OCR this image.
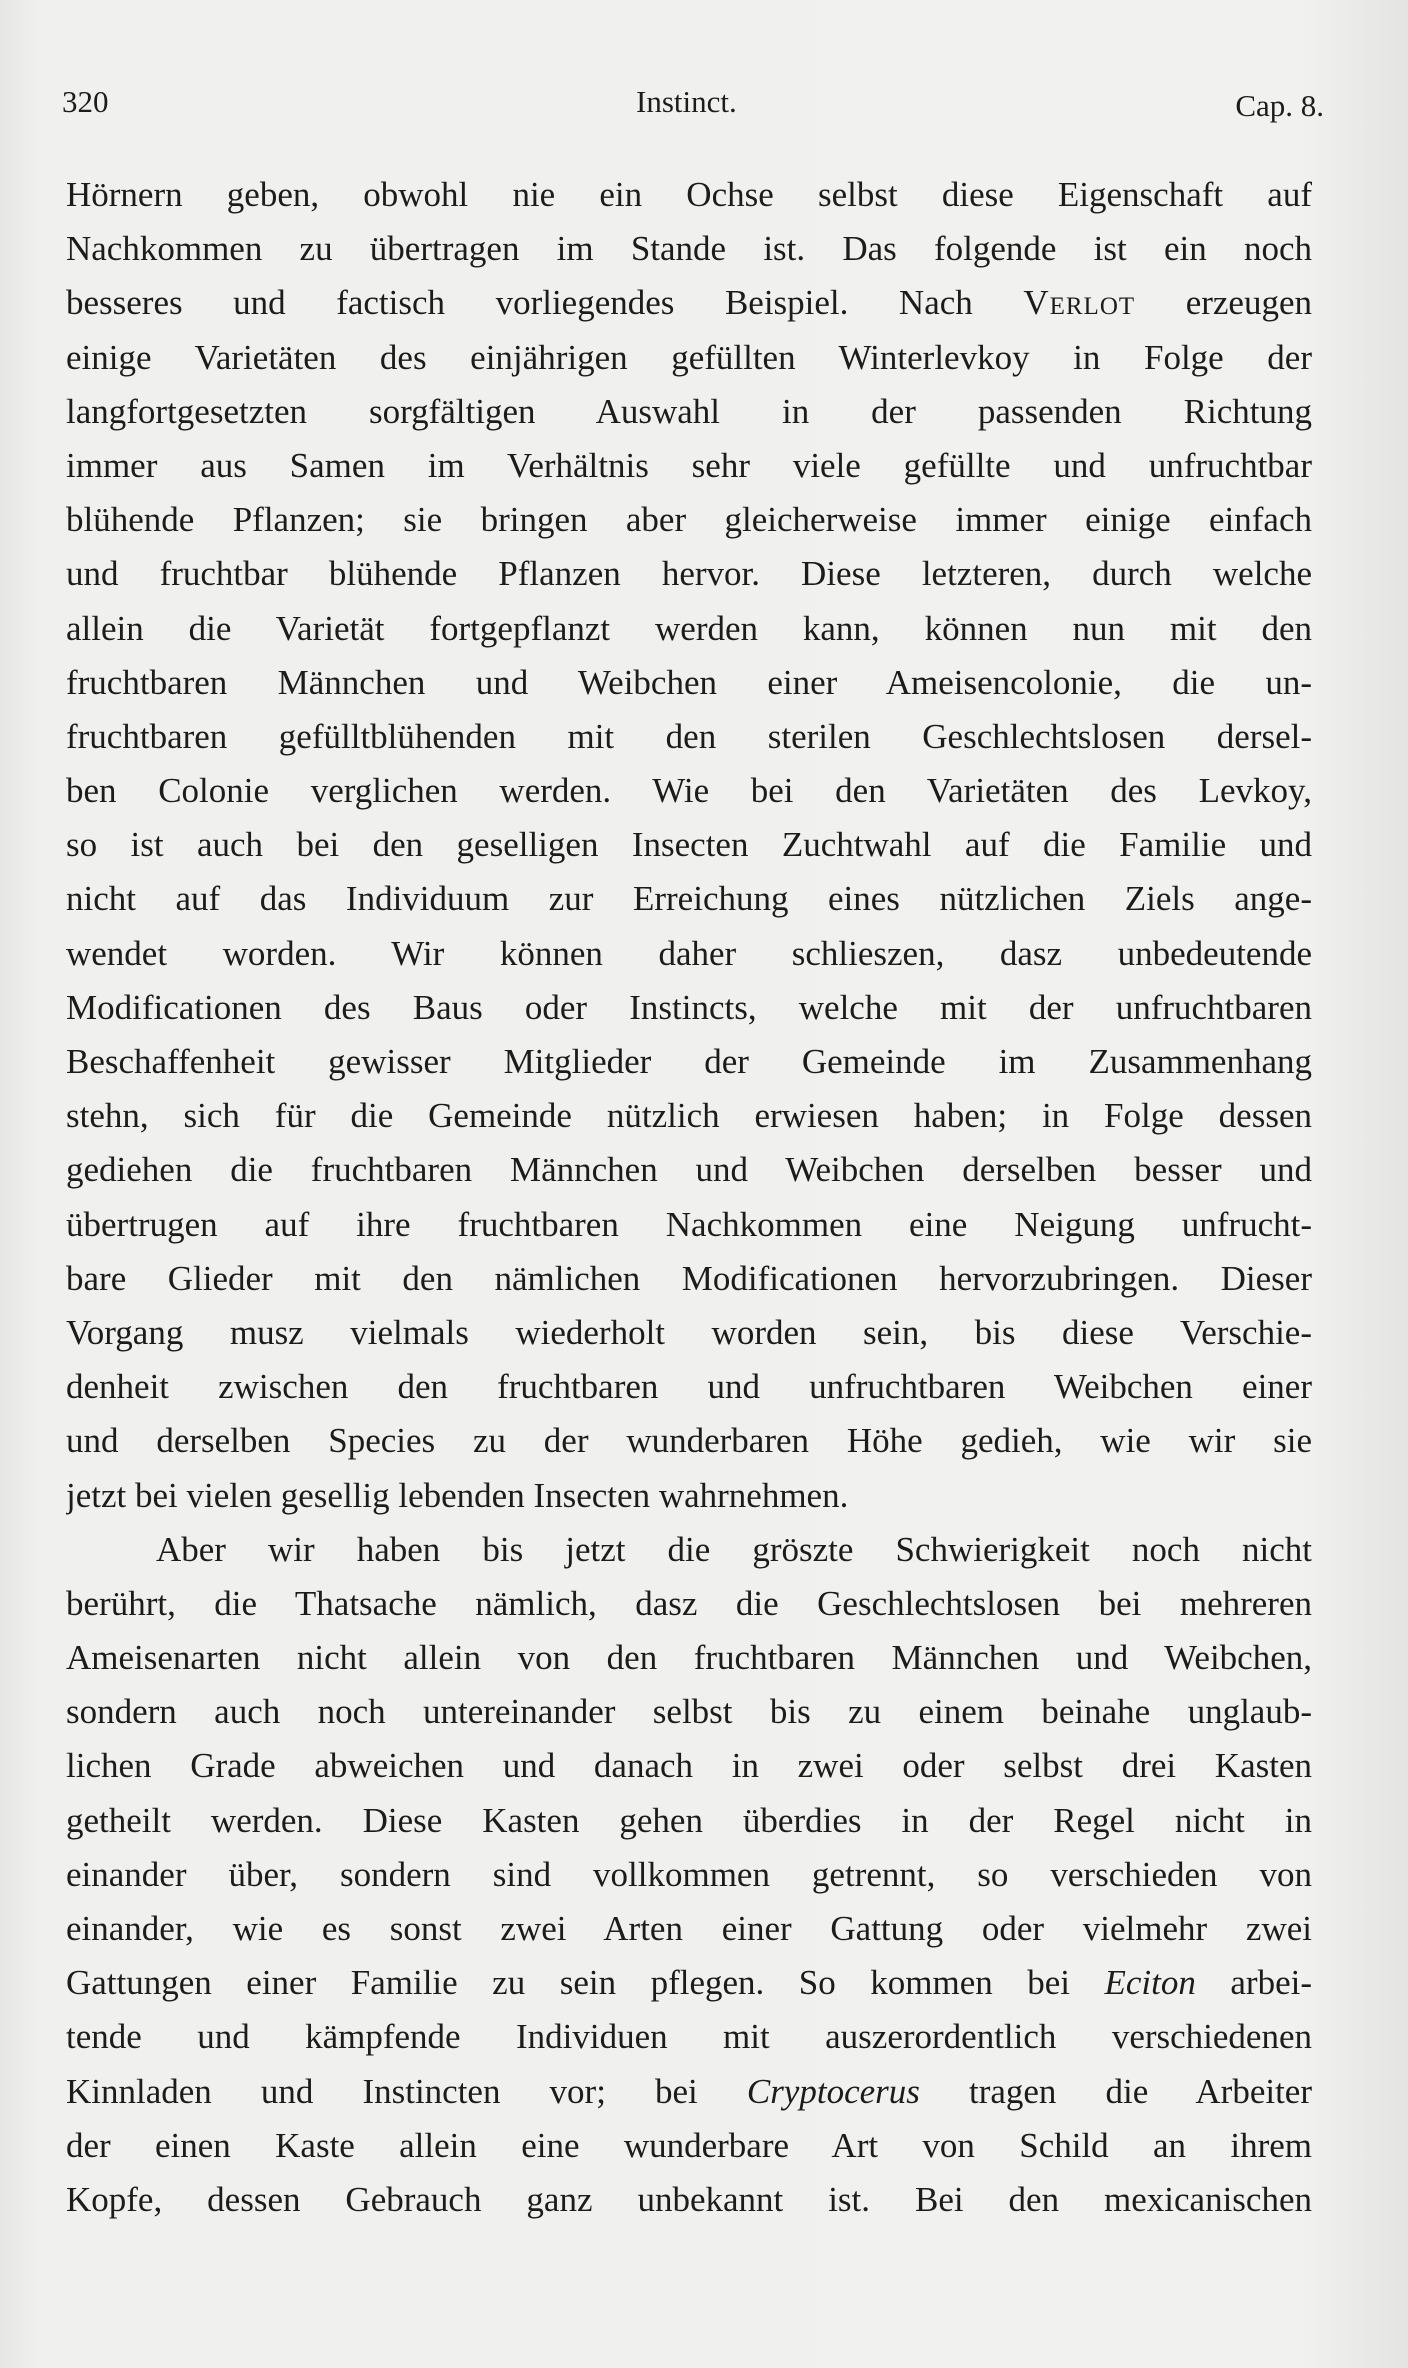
320	Instinct.	Cap. 8.
Hörnern geben, obwohl nie ein Ochse selbst diese Eigenschaft auf
Nachkommen zu übertragen im Stande ist. Das folgende ist ein noch
besseres und factisch vorliegendes Beispiel. Nach Verlot erzeugen
einige Varietäten des einjährigen gefüllten Winterlevkoy in Folge der
langfortgesetzten sorgfältigen Auswahl in der passenden Richtung
immer aus Samen im Verhältnis sehr viele gefüllte und unfruchtbar
blühende Pflanzen; sie bringen aber gleicherweise immer einige einfach
und fruchtbar blühende Pflanzen hervor. Diese letzteren, durch welche
allein die Varietät fortgepflanzt werden kann, können nun mit den
fruchtbaren Männchen und Weibchen einer Ameisencolonie, die un-
fruchtbaren gefülltblühenden mit den sterilen Geschlechtslosen dersel-
ben Colonie verglichen werden. Wie bei den Varietäten des Levkoy,
so ist auch bei den geselligen Insecten Zuchtwahl auf die Familie und
nicht auf das Individuum zur Erreichung eines nützlichen Ziels ange-
wendet worden. Wir können daher schlieszen, dasz unbedeutende
Modificationen des Baus oder Instincts, welche mit der unfruchtbaren
Beschaffenheit gewisser Mitglieder der Gemeinde im Zusammenhang
stehn, sich für die Gemeinde nützlich erwiesen haben; in Folge dessen
gediehen die fruchtbaren Männchen und Weibchen derselben besser und
übertrugen auf ihre fruchtbaren Nachkommen eine Neigung unfrucht-
bare Glieder mit den nämlichen Modificationen hervorzubringen. Dieser
Vorgang musz vielmals wiederholt worden sein, bis diese Verschie-
denheit zwischen den fruchtbaren und unfruchtbaren Weibchen einer
und derselben Species zu der wunderbaren Höhe gedieh, wie wir sie
jetzt bei vielen gesellig lebenden Insecten wahrnehmen.
Aber wir haben bis jetzt die gröszte Schwierigkeit noch nicht
berührt, die Thatsache nämlich, dasz die Geschlechtslosen bei mehreren
Ameisenarten nicht allein von den fruchtbaren Männchen und Weibchen,
sondern auch noch untereinander selbst bis zu einem beinahe unglaub-
lichen Grade abweichen und danach in zwei oder selbst drei Kasten
getheilt werden. Diese Kasten gehen überdies in der Regel nicht in
einander über, sondern sind vollkommen getrennt, so verschieden von
einander, wie es sonst zwei Arten einer Gattung oder vielmehr zwei
Gattungen einer Familie zu sein pflegen. So kommen bei Eciton arbei-
tende und kämpfende Individuen mit auszerordentlich verschiedenen
Kinnladen und Instincten vor; bei Cryptocerus tragen die Arbeiter
der einen Kaste allein eine wunderbare Art von Schild an ihrem
Kopfe, dessen Gebrauch ganz unbekannt ist. Bei den mexicanischen
